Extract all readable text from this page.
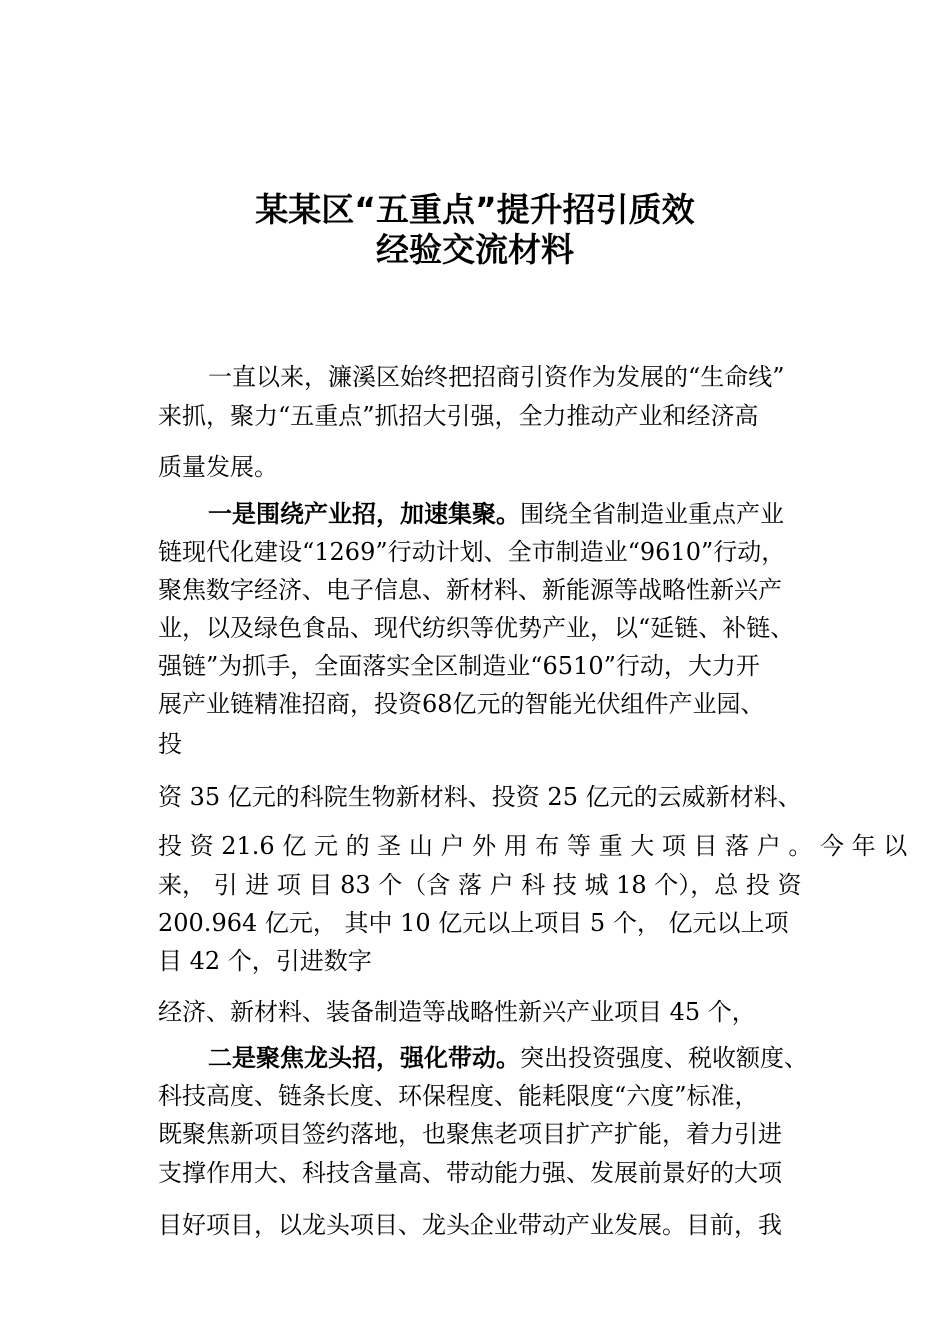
某某区“五重点”提升招引质效
经验交流材料
一直以来，濂溪区始终把招商引资作为发展的“生命线”
来抓，聚力“五重点”抓招大引强，全力推动产业和经济高
质量发展。
一是围绕产业招，加速集聚。围绕全省制造业重点产业
链现代化建设“1269”行动计划、全市制造业“9610”行动，
聚焦数字经济、电子信息、新材料、新能源等战略性新兴产
业，以及绿色食品、现代纺织等优势产业，以“延链、补链、
强链”为抓手，全面落实全区制造业“6510”行动，大力开
展产业链精准招商，投资68亿元的智能光伏组件产业园、
投
资 35 亿元的科院生物新材料、投资 25 亿元的云威新材料、
投 资 21.6 亿 元 的 圣 山 户 外 用 布 等 重 大 项 目 落 户 。 今 年 以
来， 引 进 项 目 83 个（含 落 户 科 技 城 18 个），总 投 资
200.964 亿元， 其中 10 亿元以上项目 5 个， 亿元以上项
目 42 个，引进数字
经济、新材料、装备制造等战略性新兴产业项目 45 个，
二是聚焦龙头招，强化带动。突出投资强度、税收额度、
科技高度、链条长度、环保程度、能耗限度“六度”标准，
既聚焦新项目签约落地，也聚焦老项目扩产扩能，着力引进
支撑作用大、科技含量高、带动能力强、发展前景好的大项
目好项目，以龙头项目、龙头企业带动产业发展。目前，我
